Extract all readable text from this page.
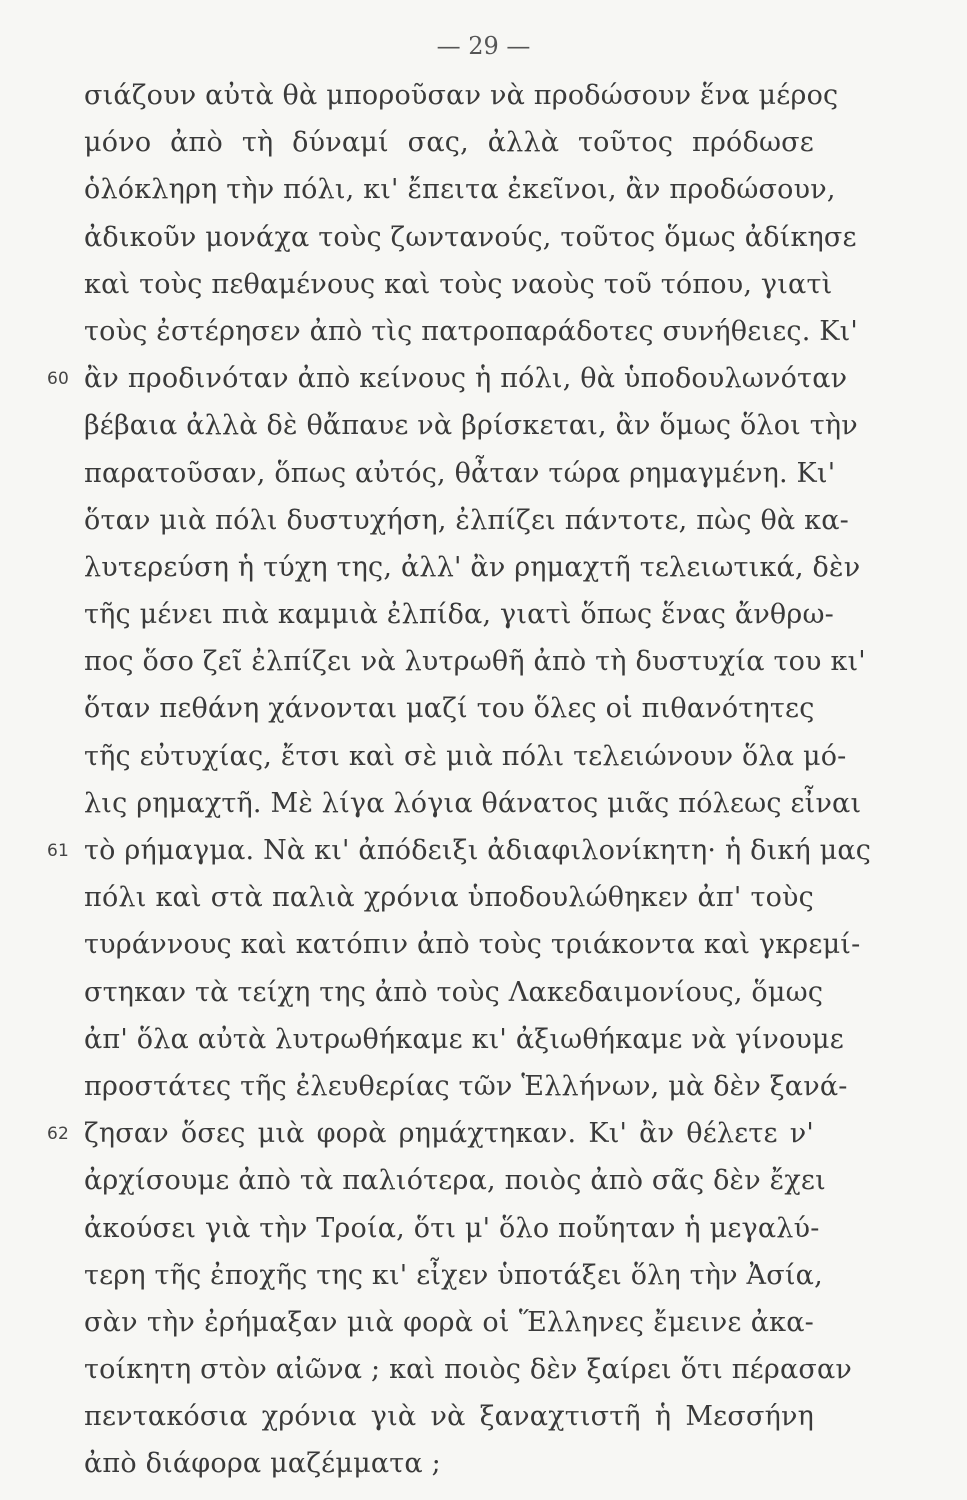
— 29 —
σιάζουν αὐτὰ θὰ μποροῦσαν νὰ προδώσουν ἕνα μέρος
μόνο ἀπὸ τὴ δύναμί σας, ἀλλὰ τοῦτος πρόδωσε
ὁλόκληρη τὴν πόλι, κι' ἔπειτα ἐκεῖνοι, ἂν προδώσουν,
ἀδικοῦν μονάχα τοὺς ζωντανούς, τοῦτος ὅμως ἀδίκησε
καὶ τοὺς πεθαμένους καὶ τοὺς ναοὺς τοῦ τόπου, γιατὶ
τοὺς ἐστέρησεν ἀπὸ τὶς πατροπαράδοτες συνήθειες. Κι'
60 ἂν προδινόταν ἀπὸ κείνους ἡ πόλι, θὰ ὑποδουλωνόταν
βέβαια ἀλλὰ δὲ θἄπαυε νὰ βρίσκεται, ἂν ὅμως ὅλοι τὴν
παρατοῦσαν, ὅπως αὐτός, θἆταν τώρα ρημαγμένη. Κι'
ὅταν μιὰ πόλι δυστυχήση, ἐλπίζει πάντοτε, πὼς θὰ κα-
λυτερεύση ἡ τύχη της, ἀλλ' ἂν ρημαχτῆ τελειωτικά, δὲν
τῆς μένει πιὰ καμμιὰ ἐλπίδα, γιατὶ ὅπως ἕνας ἄνθρω-
πος ὅσο ζεῖ ἐλπίζει νὰ λυτρωθῆ ἀπὸ τὴ δυστυχία του κι'
ὅταν πεθάνη χάνονται μαζί του ὅλες οἱ πιθανότητες
τῆς εὐτυχίας, ἔτσι καὶ σὲ μιὰ πόλι τελειώνουν ὅλα μό-
λις ρημαχτῆ. Μὲ λίγα λόγια θάνατος μιᾶς πόλεως εἶναι
61 τὸ ρήμαγμα. Νὰ κι' ἀπόδειξι ἀδιαφιλονίκητη· ἡ δική μας
πόλι καὶ στὰ παλιὰ χρόνια ὑποδουλώθηκεν ἀπ' τοὺς
τυράννους καὶ κατόπιν ἀπὸ τοὺς τριάκοντα καὶ γκρεμί-
στηκαν τὰ τείχη της ἀπὸ τοὺς Λακεδαιμονίους, ὅμως
ἀπ' ὅλα αὐτὰ λυτρωθήκαμε κι' ἀξιωθήκαμε νὰ γίνουμε
προστάτες τῆς ἐλευθερίας τῶν Ἑλλήνων, μὰ δὲν ξανά-
62 ζησαν ὅσες μιὰ φορὰ ρημάχτηκαν. Κι' ἂν θέλετε ν'
ἀρχίσουμε ἀπὸ τὰ παλιότερα, ποιὸς ἀπὸ σᾶς δὲν ἔχει
ἀκούσει γιὰ τὴν Τροία, ὅτι μ' ὅλο ποὔηταν ἡ μεγαλύ-
τερη τῆς ἐποχῆς της κι' εἶχεν ὑποτάξει ὅλη τὴν Ἀσία,
σὰν τὴν ἐρήμαξαν μιὰ φορὰ οἱ Ἕλληνες ἔμεινε ἀκα-
τοίκητη στὸν αἰῶνα ; καὶ ποιὸς δὲν ξαίρει ὅτι πέρασαν
πεντακόσια χρόνια γιὰ νὰ ξαναχτιστῆ ἡ Μεσσήνη
ἀπὸ διάφορα μαζέμματα ;
